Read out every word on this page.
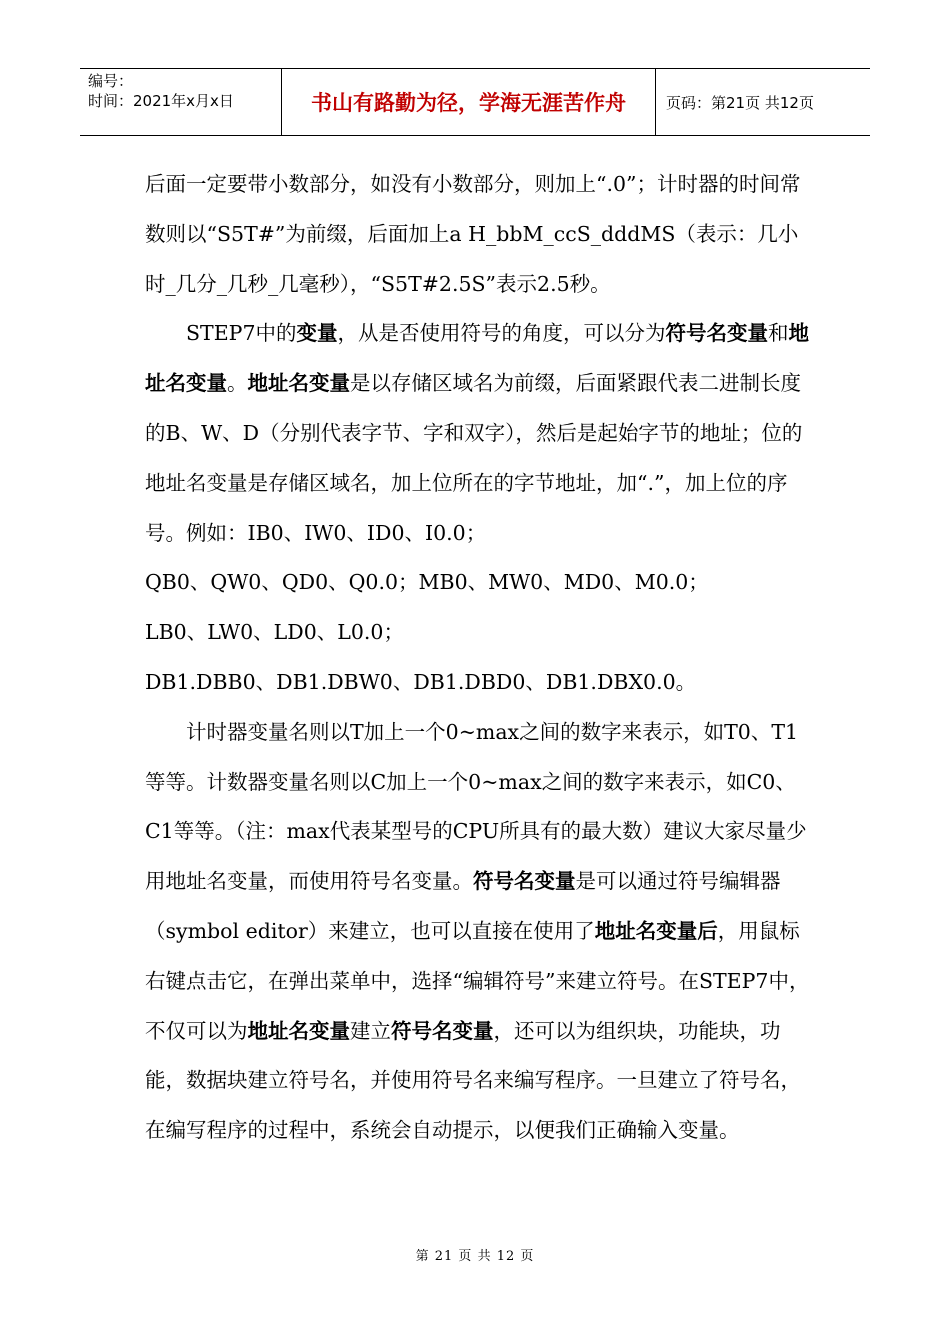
编号：
时间：2021年x月x日	书山有路勤为径，学海无涯苦作舟	页码：第21页 共12页

后面一定要带小数部分，如没有小数部分，则加上“.0”；计时器的时间常数则以“S5T#”为前缀，后面加上a H_bbM_ccS_dddMS（表示：几小时_几分_几秒_几毫秒），“S5T#2.5S”表示2.5秒。

STEP7中的变量，从是否使用符号的角度，可以分为符号名变量和地址名变量。地址名变量是以存储区域名为前缀，后面紧跟代表二进制长度的B、W、D（分别代表字节、字和双字），然后是起始字节的地址；位的地址名变量是存储区域名，加上位所在的字节地址，加“.”，加上位的序号。例如：IB0、IW0、ID0、I0.0；

QB0、QW0、QD0、Q0.0；MB0、MW0、MD0、M0.0；

LB0、LW0、LD0、L0.0；

DB1.DBB0、DB1.DBW0、DB1.DBD0、DB1.DBX0.0。

计时器变量名则以T加上一个0~max之间的数字来表示，如T0、T1等等。计数器变量名则以C加上一个0~max之间的数字来表示，如C0、C1等等。（注：max代表某型号的CPU所具有的最大数）建议大家尽量少用地址名变量，而使用符号名变量。符号名变量是可以通过符号编辑器（symbol editor）来建立，也可以直接在使用了地址名变量后，用鼠标右键点击它，在弹出菜单中，选择“编辑符号”来建立符号。在STEP7中，不仅可以为地址名变量建立符号名变量，还可以为组织块，功能块，功能，数据块建立符号名，并使用符号名来编写程序。一旦建立了符号名，在编写程序的过程中，系统会自动提示，以便我们正确输入变量。

第 21 页 共 12 页
